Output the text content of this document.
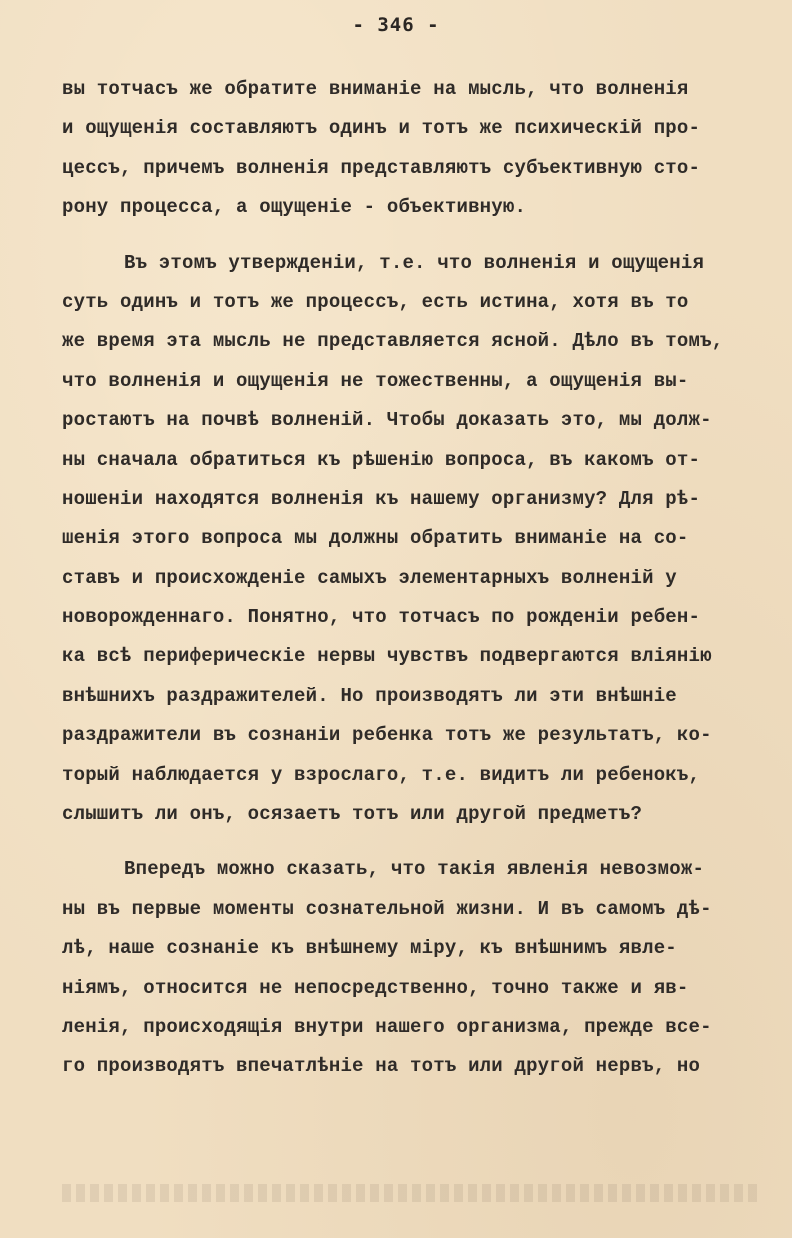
- 346 -
вы тотчасъ же обратите вниманіе на мысль, что волненія
и ощущенія составляютъ одинъ и тотъ же психическій про-
цессъ, причемъ волненія представляютъ субъективную сто-
рону процесса, а ощущеніе - объективную.
Въ этомъ утвержденіи, т.е. что волненія и ощущенія
суть одинъ и тотъ же процессъ, есть истина, хотя въ то
же время эта мысль не представляется ясной. Дѣло въ томъ,
что волненія и ощущенія не тожественны, а ощущенія вы-
ростаютъ на почвѣ волненій. Чтобы доказать это, мы долж-
ны сначала обратиться къ рѣшенію вопроса, въ какомъ от-
ношеніи находятся волненія къ нашему организму? Для рѣ-
шенія этого вопроса мы должны обратить вниманіе на со-
ставъ и происхожденіе самыхъ элементарныхъ волненій у
новорожденнаго. Понятно, что тотчасъ по рожденіи ребен-
ка всѣ периферическіе нервы чувствъ подвергаются вліянію
внѣшнихъ раздражителей. Но производятъ ли эти внѣшніе
раздражители въ сознаніи ребенка тотъ же результатъ, ко-
торый наблюдается у взрослаго, т.е. видитъ ли ребенокъ,
слышитъ ли онъ, осязаетъ тотъ или другой предметъ?
Впередъ можно сказать, что такія явленія невозмож-
ны въ первые моменты сознательной жизни. И въ самомъ дѣ-
лѣ, наше сознаніе къ внѣшнему міру, къ внѣшнимъ явле-
ніямъ, относится не непосредственно, точно также и яв-
ленія, происходящія внутри нашего организма, прежде все-
го производятъ впечатлѣніе на тотъ или другой нервъ, но
